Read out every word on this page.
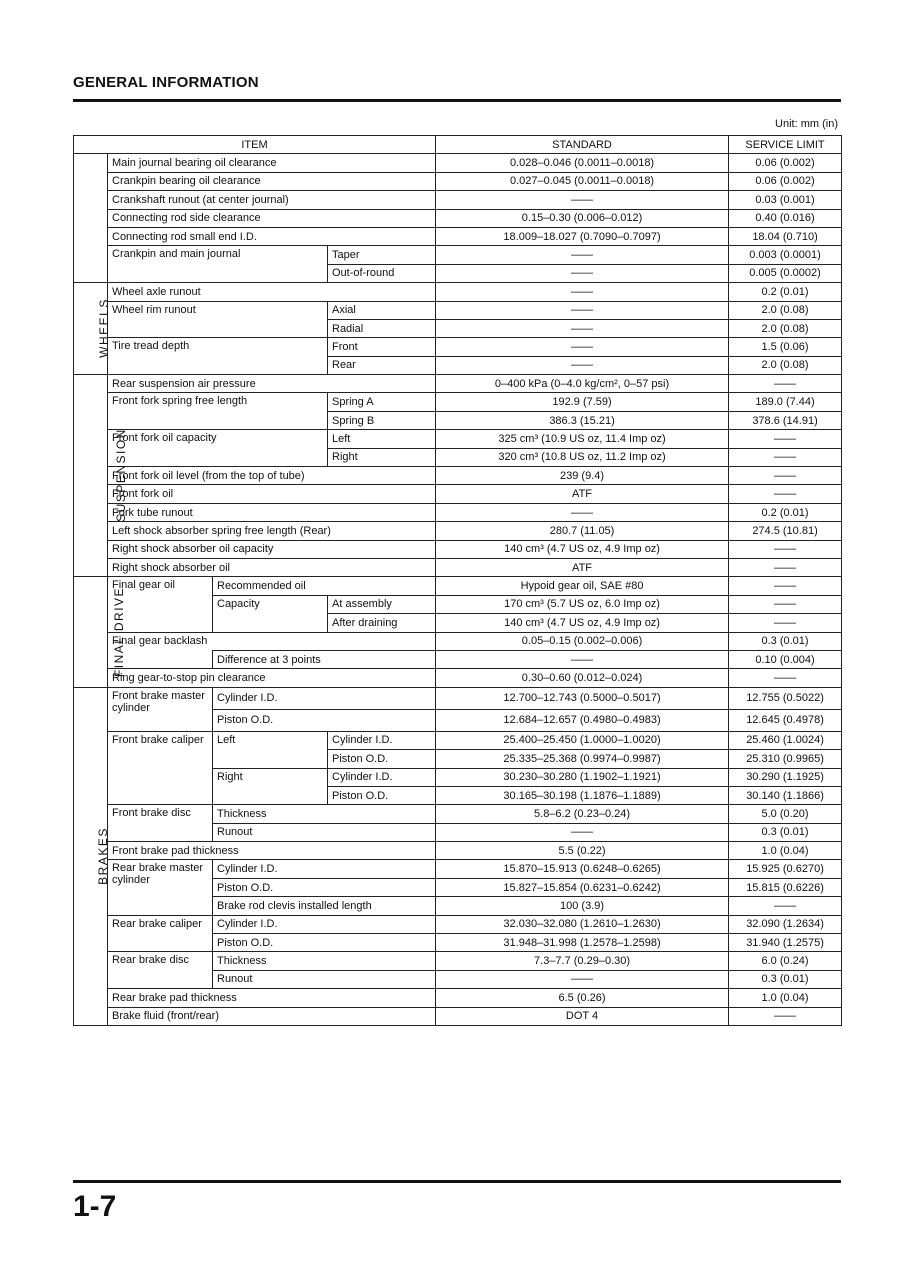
GENERAL INFORMATION
Unit: mm (in)
ITEM				STANDARD	SERVICE LIMIT
	Main journal bearing oil clearance			0.028–0.046 (0.0011–0.0018)	0.06 (0.002)
	Crankpin bearing oil clearance			0.027–0.045 (0.0011–0.0018)	0.06 (0.002)
	Crankshaft runout (at center journal)			——	0.03 (0.001)
	Connecting rod side clearance			0.15–0.30 (0.006–0.012)	0.40 (0.016)
	Connecting rod small end I.D.			18.009–18.027 (0.7090–0.7097)	18.04 (0.710)
	Crankpin and main journal		Taper	——	0.003 (0.0001)
			Out-of-round	——	0.005 (0.0002)
WHEELS	Wheel axle runout			——	0.2 (0.01)
	Wheel rim runout		Axial	——	2.0 (0.08)
			Radial	——	2.0 (0.08)
	Tire tread depth		Front	——	1.5 (0.06)
			Rear	——	2.0 (0.08)
SUSPENSION	Rear suspension air pressure			0–400 kPa (0–4.0 kg/cm², 0–57 psi)	——
	Front fork spring free length		Spring A	192.9 (7.59)	189.0 (7.44)
			Spring B	386.3 (15.21)	378.6 (14.91)
	Front fork oil capacity		Left	325 cm³ (10.9 US oz, 11.4 Imp oz)	——
			Right	320 cm³ (10.8 US oz, 11.2 Imp oz)	——
	Front fork oil level (from the top of tube)			239 (9.4)	——
	Front fork oil			ATF	——
	Fork tube runout			——	0.2 (0.01)
	Left shock absorber spring free length (Rear)			280.7 (11.05)	274.5 (10.81)
	Right shock absorber oil capacity			140 cm³ (4.7 US oz, 4.9 Imp oz)	——
	Right shock absorber oil			ATF	——
FINAL DRIVE	Final gear oil	Recommended oil		Hypoid gear oil, SAE #80	——
		Capacity	At assembly	170 cm³ (5.7 US oz, 6.0 Imp oz)	——
			After draining	140 cm³ (4.7 US oz, 4.9 Imp oz)	——
	Final gear backlash			0.05–0.15 (0.002–0.006)	0.3 (0.01)
		Difference at 3 points		——	0.10 (0.004)
	Ring gear-to-stop pin clearance			0.30–0.60 (0.012–0.024)	——
BRAKES	Front brake master cylinder	Cylinder I.D.		12.700–12.743 (0.5000–0.5017)	12.755 (0.5022)
		Piston O.D.		12.684–12.657 (0.4980–0.4983)	12.645 (0.4978)
	Front brake caliper	Left	Cylinder I.D.	25.400–25.450 (1.0000–1.0020)	25.460 (1.0024)
			Piston O.D.	25.335–25.368 (0.9974–0.9987)	25.310 (0.9965)
		Right	Cylinder I.D.	30.230–30.280 (1.1902–1.1921)	30.290 (1.1925)
			Piston O.D.	30.165–30.198 (1.1876–1.1889)	30.140 (1.1866)
	Front brake disc	Thickness		5.8–6.2 (0.23–0.24)	5.0 (0.20)
		Runout		——	0.3 (0.01)
	Front brake pad thickness			5.5 (0.22)	1.0 (0.04)
	Rear brake master cylinder	Cylinder I.D.		15.870–15.913 (0.6248–0.6265)	15.925 (0.6270)
		Piston O.D.		15.827–15.854 (0.6231–0.6242)	15.815 (0.6226)
		Brake rod clevis installed length		100 (3.9)	——
	Rear brake caliper	Cylinder I.D.		32.030–32.080 (1.2610–1.2630)	32.090 (1.2634)
		Piston O.D.		31.948–31.998 (1.2578–1.2598)	31.940 (1.2575)
	Rear brake disc	Thickness		7.3–7.7 (0.29–0.30)	6.0 (0.24)
		Runout		——	0.3 (0.01)
	Rear brake pad thickness			6.5 (0.26)	1.0 (0.04)
	Brake fluid (front/rear)			DOT 4	——
1-7
